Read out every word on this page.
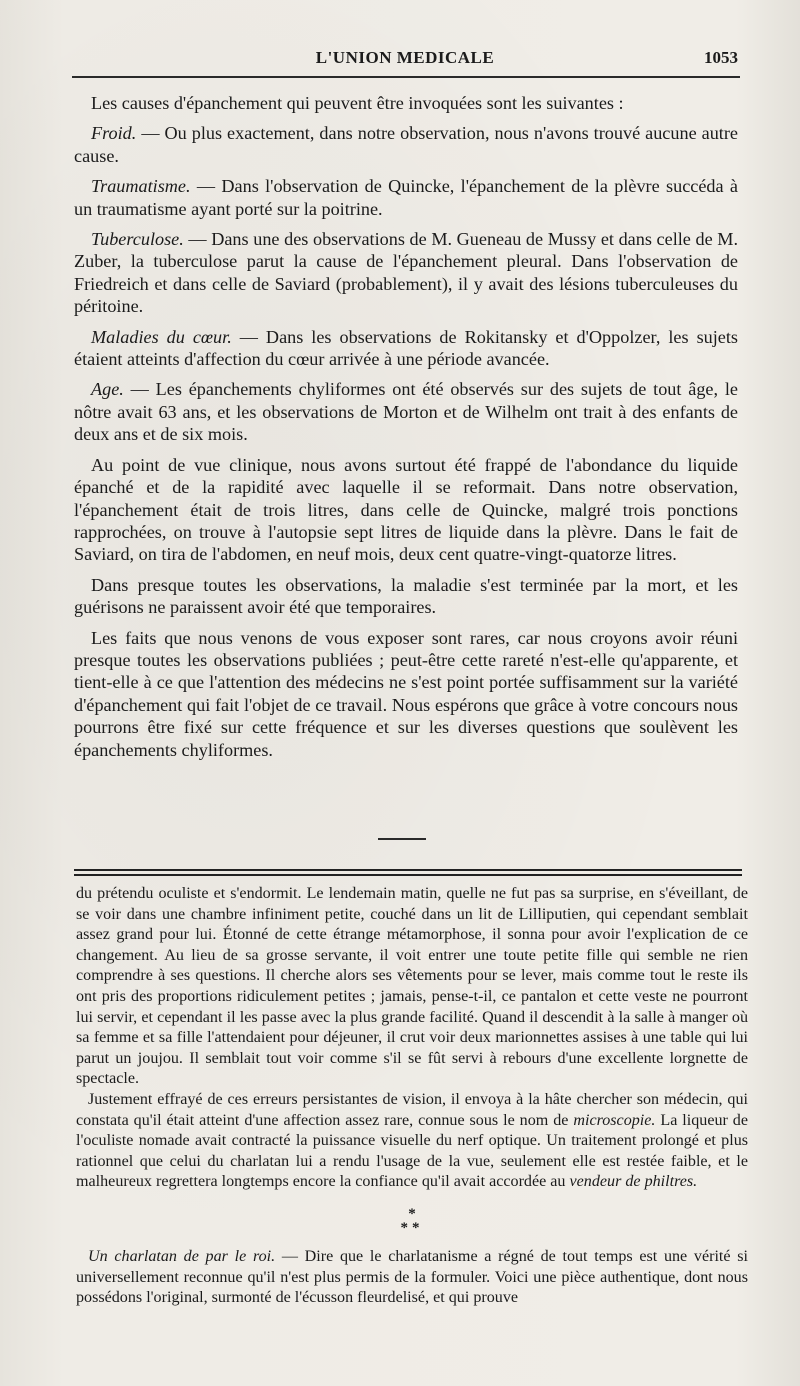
L'UNION MEDICALE	1053

Les causes d'épanchement qui peuvent être invoquées sont les suivantes :

Froid. — Ou plus exactement, dans notre observation, nous n'avons trouvé aucune autre cause.

Traumatisme. — Dans l'observation de Quincke, l'épanchement de la plèvre succéda à un traumatisme ayant porté sur la poitrine.

Tuberculose. — Dans une des observations de M. Gueneau de Mussy et dans celle de M. Zuber, la tuberculose parut la cause de l'épanchement pleural. Dans l'observation de Friedreich et dans celle de Saviard (probablement), il y avait des lésions tuberculeuses du péritoine.

Maladies du cœur. — Dans les observations de Rokitansky et d'Oppolzer, les sujets étaient atteints d'affection du cœur arrivée à une période avancée.

Age. — Les épanchements chyliformes ont été observés sur des sujets de tout âge, le nôtre avait 63 ans, et les observations de Morton et de Wilhelm ont trait à des enfants de deux ans et de six mois.

Au point de vue clinique, nous avons surtout été frappé de l'abondance du liquide épanché et de la rapidité avec laquelle il se reformait. Dans notre observation, l'épanchement était de trois litres, dans celle de Quincke, malgré trois ponctions rapprochées, on trouve à l'autopsie sept litres de liquide dans la plèvre. Dans le fait de Saviard, on tira de l'abdomen, en neuf mois, deux cent quatre-vingt-quatorze litres.

Dans presque toutes les observations, la maladie s'est terminée par la mort, et les guérisons ne paraissent avoir été que temporaires.

Les faits que nous venons de vous exposer sont rares, car nous croyons avoir réuni presque toutes les observations publiées ; peut-être cette rareté n'est-elle qu'apparente, et tient-elle à ce que l'attention des médecins ne s'est point portée suffisamment sur la variété d'épanchement qui fait l'objet de ce travail. Nous espérons que grâce à votre concours nous pourrons être fixé sur cette fréquence et sur les diverses questions que soulèvent les épanchements chyliformes.

du prétendu oculiste et s'endormit. Le lendemain matin, quelle ne fut pas sa surprise, en s'éveillant, de se voir dans une chambre infiniment petite, couché dans un lit de Lilliputien, qui cependant semblait assez grand pour lui. Étonné de cette étrange métamorphose, il sonna pour avoir l'explication de ce changement. Au lieu de sa grosse servante, il voit entrer une toute petite fille qui semble ne rien comprendre à ses questions. Il cherche alors ses vêtements pour se lever, mais comme tout le reste ils ont pris des proportions ridiculement petites ; jamais, pense-t-il, ce pantalon et cette veste ne pourront lui servir, et cependant il les passe avec la plus grande facilité. Quand il descendit à la salle à manger où sa femme et sa fille l'attendaient pour déjeuner, il crut voir deux marionnettes assises à une table qui lui parut un joujou. Il semblait tout voir comme s'il se fût servi à rebours d'une excellente lorgnette de spectacle.

Justement effrayé de ces erreurs persistantes de vision, il envoya à la hâte chercher son médecin, qui constata qu'il était atteint d'une affection assez rare, connue sous le nom de microscopie. La liqueur de l'oculiste nomade avait contracté la puissance visuelle du nerf optique. Un traitement prolongé et plus rationnel que celui du charlatan lui a rendu l'usage de la vue, seulement elle est restée faible, et le malheureux regrettera longtemps encore la confiance qu'il avait accordée au vendeur de philtres.

*
**

Un charlatan de par le roi. — Dire que le charlatanisme a régné de tout temps est une vérité si universellement reconnue qu'il n'est plus permis de la formuler. Voici une pièce authentique, dont nous possédons l'original, surmonté de l'écusson fleurdelisé, et qui prouve
